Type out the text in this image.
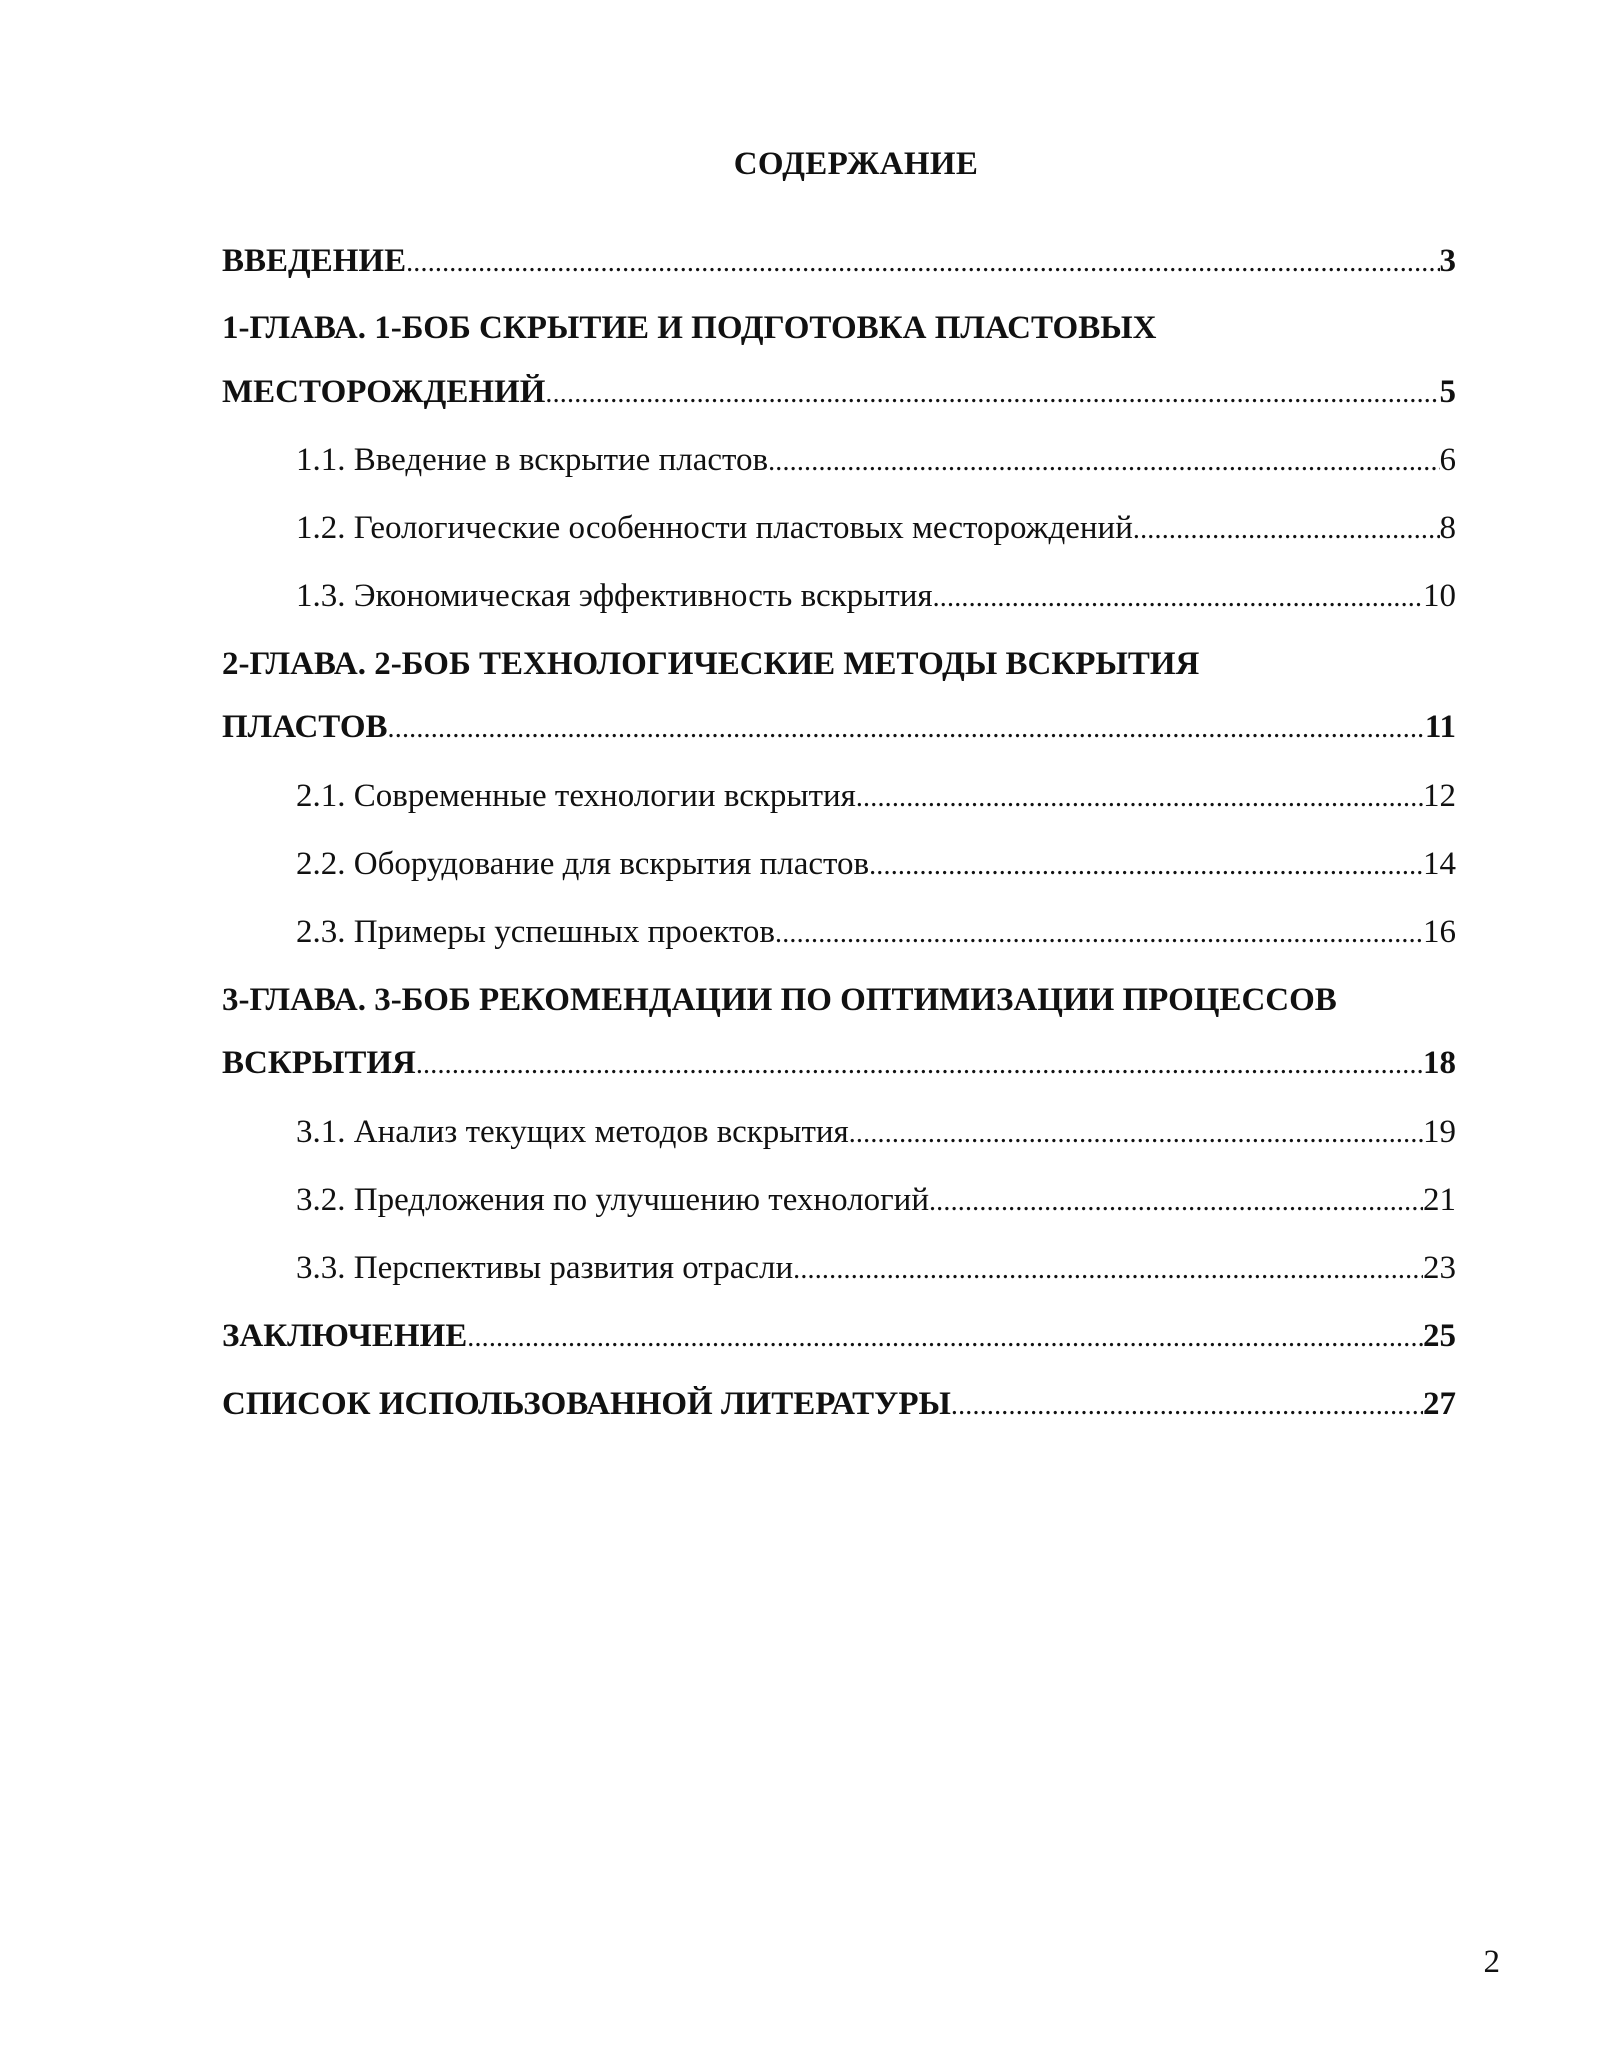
СОДЕРЖАНИЕ
ВВЕДЕНИЕ .....	3
1-ГЛАВА. 1-БОБ СКРЫТИЕ И ПОДГОТОВКА ПЛАСТОВЫХ
МЕСТОРОЖДЕНИЙ .....	5
1.1. Введение в вскрытие пластов .....	6
1.2. Геологические особенности пластовых месторождений .....	8
1.3. Экономическая эффективность вскрытия .....	10
2-ГЛАВА. 2-БОБ ТЕХНОЛОГИЧЕСКИЕ МЕТОДЫ ВСКРЫТИЯ
ПЛАСТОВ .....	11
2.1. Современные технологии вскрытия .....	12
2.2. Оборудование для вскрытия пластов .....	14
2.3. Примеры успешных проектов .....	16
3-ГЛАВА. 3-БОБ РЕКОМЕНДАЦИИ ПО ОПТИМИЗАЦИИ ПРОЦЕССОВ
ВСКРЫТИЯ .....	18
3.1. Анализ текущих методов вскрытия .....	19
3.2. Предложения по улучшению технологий .....	21
3.3. Перспективы развития отрасли .....	23
ЗАКЛЮЧЕНИЕ .....	25
СПИСОК ИСПОЛЬЗОВАННОЙ ЛИТЕРАТУРЫ .....	27
2
